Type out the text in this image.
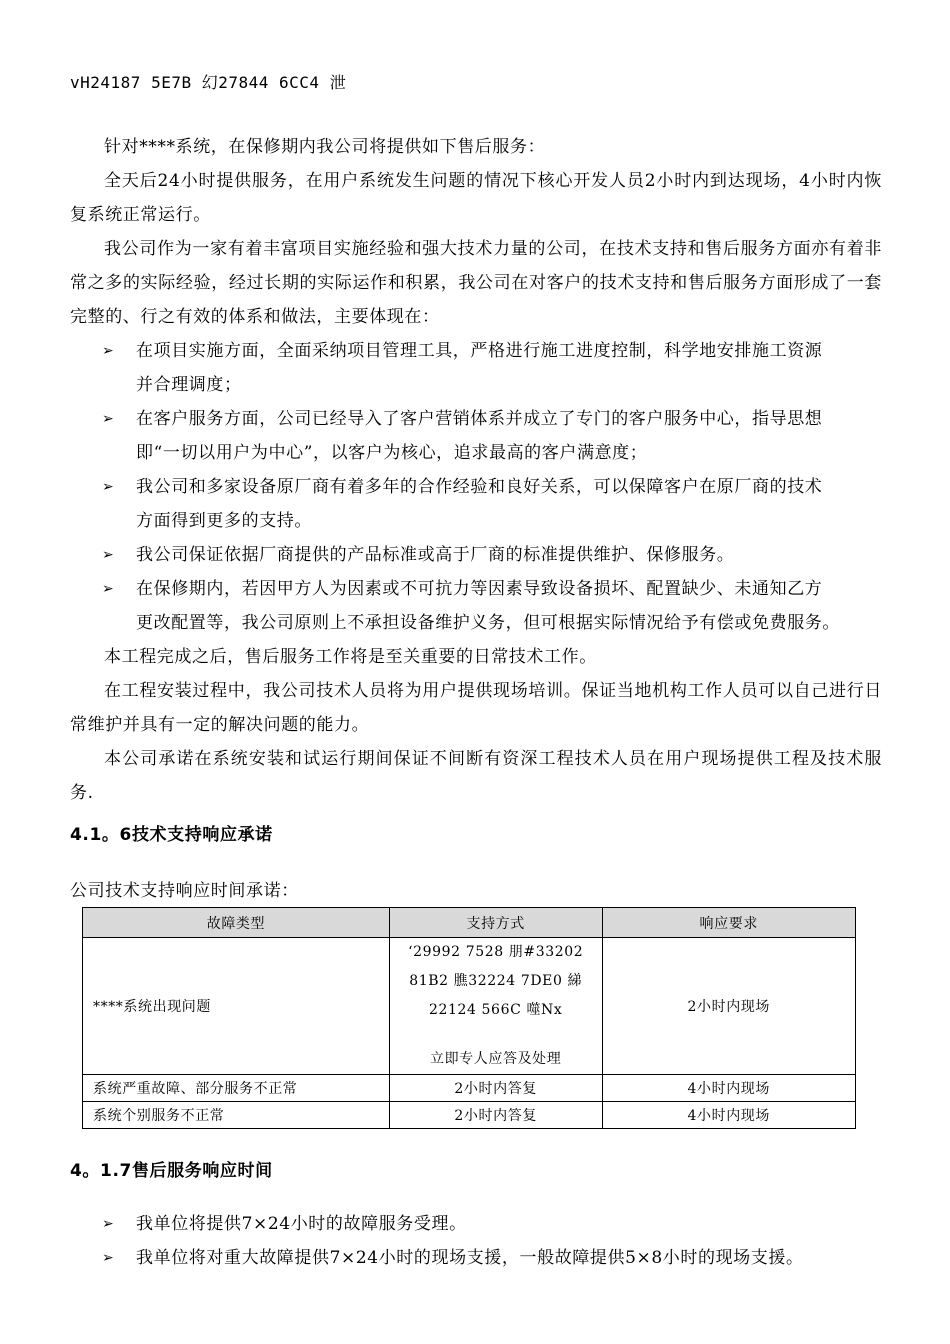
vH24187 5E7B 幻27844 6CC4 泄

针对****系统，在保修期内我公司将提供如下售后服务：

全天后24小时提供服务，在用户系统发生问题的情况下核心开发人员2小时内到达现场，4小时内恢复系统正常运行。

我公司作为一家有着丰富项目实施经验和强大技术力量的公司，在技术支持和售后服务方面亦有着非常之多的实际经验，经过长期的实际运作和积累，我公司在对客户的技术支持和售后服务方面形成了一套完整的、行之有效的体系和做法，主要体现在：

➢ 在项目实施方面，全面采纳项目管理工具，严格进行施工进度控制，科学地安排施工资源
并合理调度；
➢ 在客户服务方面，公司已经导入了客户营销体系并成立了专门的客户服务中心，指导思想
即“一切以用户为中心”，以客户为核心，追求最高的客户满意度；
➢ 我公司和多家设备原厂商有着多年的合作经验和良好关系，可以保障客户在原厂商的技术
方面得到更多的支持。
➢ 我公司保证依据厂商提供的产品标准或高于厂商的标准提供维护、保修服务。
➢ 在保修期内，若因甲方人为因素或不可抗力等因素导致设备损坏、配置缺少、未通知乙方
更改配置等，我公司原则上不承担设备维护义务，但可根据实际情况给予有偿或免费服务。

本工程完成之后，售后服务工作将是至关重要的日常技术工作。

在工程安装过程中，我公司技术人员将为用户提供现场培训。保证当地机构工作人员可以自己进行日常维护并具有一定的解决问题的能力。

本公司承诺在系统安装和试运行期间保证不间断有资深工程技术人员在用户现场提供工程及技术服务.

4.1。6技术支持响应承诺
公司技术支持响应时间承诺：
故障类型	支持方式	响应要求
****系统出现问题	‘29992 7528 朋#33202
81B2 膲32224 7DE0 綈
22124 566C 噬Nx
立即专人应答及处理	2小时内现场
系统严重故障、部分服务不正常	2小时内答复	4小时内现场
系统个别服务不正常	2小时内答复	4小时内现场
4。1.7售后服务响应时间
➢ 我单位将提供7×24小时的故障服务受理。
➢ 我单位将对重大故障提供7×24小时的现场支援，一般故障提供5×8小时的现场支援。
